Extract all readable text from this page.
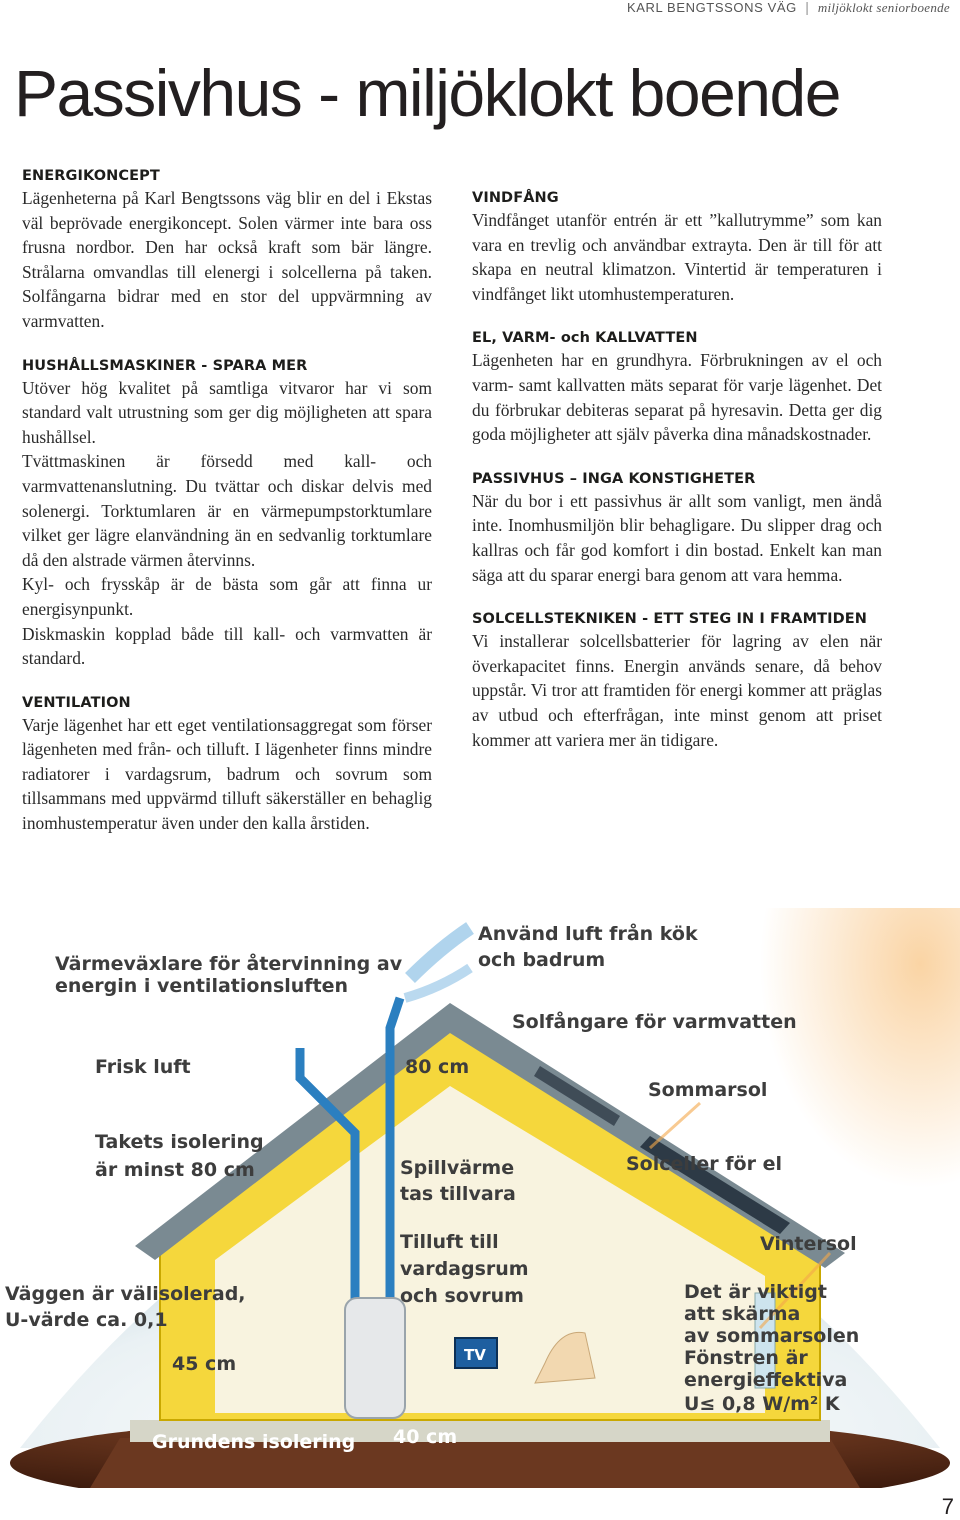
KARL BENGTSSONS VÄG | miljöklokt seniorboende
Passivhus - miljöklokt boende
ENERGIKONCEPT

Lägenheterna på Karl Bengtssons väg blir en del i Ekstas väl beprövade energikoncept. Solen värmer inte bara oss frusna nordbor. Den har också kraft som bär längre. Strålarna omvandlas till elenergi i solcellerna på taken. Solfångarna bidrar med en stor del uppvärmning av varmvatten.

HUSHÅLLSMASKINER - SPARA MER

Utöver hög kvalitet på samtliga vitvaror har vi som standard valt utrustning som ger dig möjligheten att spara hushållsel.

Tvättmaskinen är försedd med kall- och varmvattenanslutning. Du tvättar och diskar delvis med solenergi. Torktumlaren är en värmepumpstorktumlare vilket ger lägre elanvändning än en sedvanlig torktumlare då den alstrade värmen återvinns.

Kyl- och frysskåp är de bästa som går att finna ur energisynpunkt.

Diskmaskin kopplad både till kall- och varmvatten är standard.

VENTILATION

Varje lägenhet har ett eget ventilationsaggregat som förser lägenheten med från- och tilluft. I lägenheter finns mindre radiatorer i vardagsrum, badrum och sovrum som tillsammans med uppvärmd tilluft säkerställer en behaglig inomhustemperatur även under den kalla årstiden.

VINDFÅNG

Vindfånget utanför entrén är ett ”kallutrymme” som kan vara en trevlig och användbar extrayta. Den är till för att skapa en neutral klimatzon. Vintertid är temperaturen i vindfånget likt utomhustemperaturen.

EL, VARM- och KALLVATTEN

Lägenheten har en grundhyra. Förbrukningen av el och varm- samt kallvatten mäts separat för varje lägenhet. Det du förbrukar debiteras separat på hyresavin. Detta ger dig goda möjligheter att själv påverka dina månadskostnader.

PASSIVHUS – INGA KONSTIGHETER

När du bor i ett passivhus är allt som vanligt, men ändå inte. Inomhusmiljön blir behagligare. Du slipper drag och kallras och får god komfort i din bostad. Enkelt kan man säga att du sparar energi bara genom att vara hemma.

SOLCELLSTEKNIKEN - ETT STEG IN I FRAMTIDEN

Vi installerar solcellsbatterier för lagring av elen när överkapacitet finns. Energin används senare, då behov uppstår. Vi tror att framtiden för energi kommer att präglas av utbud och efterfrågan, inte minst genom att priset kommer att variera mer än tidigare.

TV
Värmeväxlare för återvinning av
energin i ventilationsluften
Använd luft från kök
och badrum
Solfångare för varmvatten
Frisk luft	80 cm
Sommarsol
Takets isolering
är minst 80 cm	Spillvärme
tas tillvara
Solceller för el
Tilluft till
vardagsrum
och sovrum
Vintersol
Väggen är välisolerad,
U-värde ca. 0,1
Det är viktigt
att skärma
av sommarsolen
Fönstren är
energieffektiva
U≤ 0,8 W/m² K
45 cm
Grundens isolering 40 cm
7
